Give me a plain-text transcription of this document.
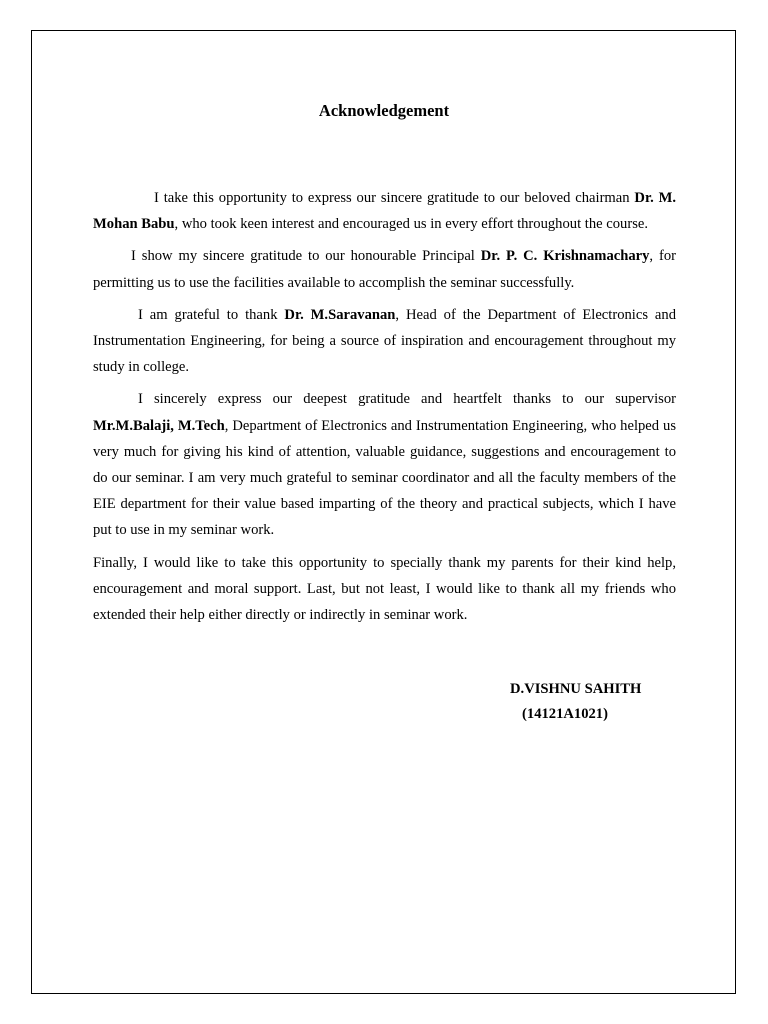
Acknowledgement

I take this opportunity to express our sincere gratitude to our beloved chairman Dr. M. Mohan Babu, who took keen interest and encouraged us in every effort throughout the course.

I show my sincere gratitude to our honourable Principal Dr. P. C. Krishnamachary, for permitting us to use the facilities available to accomplish the seminar successfully.

I am grateful to thank Dr. M.Saravanan, Head of the Department of Electronics and Instrumentation Engineering, for being a source of inspiration and encouragement throughout my study in college.

I sincerely express our deepest gratitude and heartfelt thanks to our supervisor Mr.M.Balaji, M.Tech, Department of Electronics and Instrumentation Engineering, who helped us very much for giving his kind of attention, valuable guidance, suggestions and encouragement to do our seminar. I am very much grateful to seminar coordinator and all the faculty members of the EIE department for their value based imparting of the theory and practical subjects, which I have put to use in my seminar work.

Finally, I would like to take this opportunity to specially thank my parents for their kind help, encouragement and moral support. Last, but not least, I would like to thank all my friends who extended their help either directly or indirectly in seminar work.

D.VISHNU SAHITH
(14121A1021)
